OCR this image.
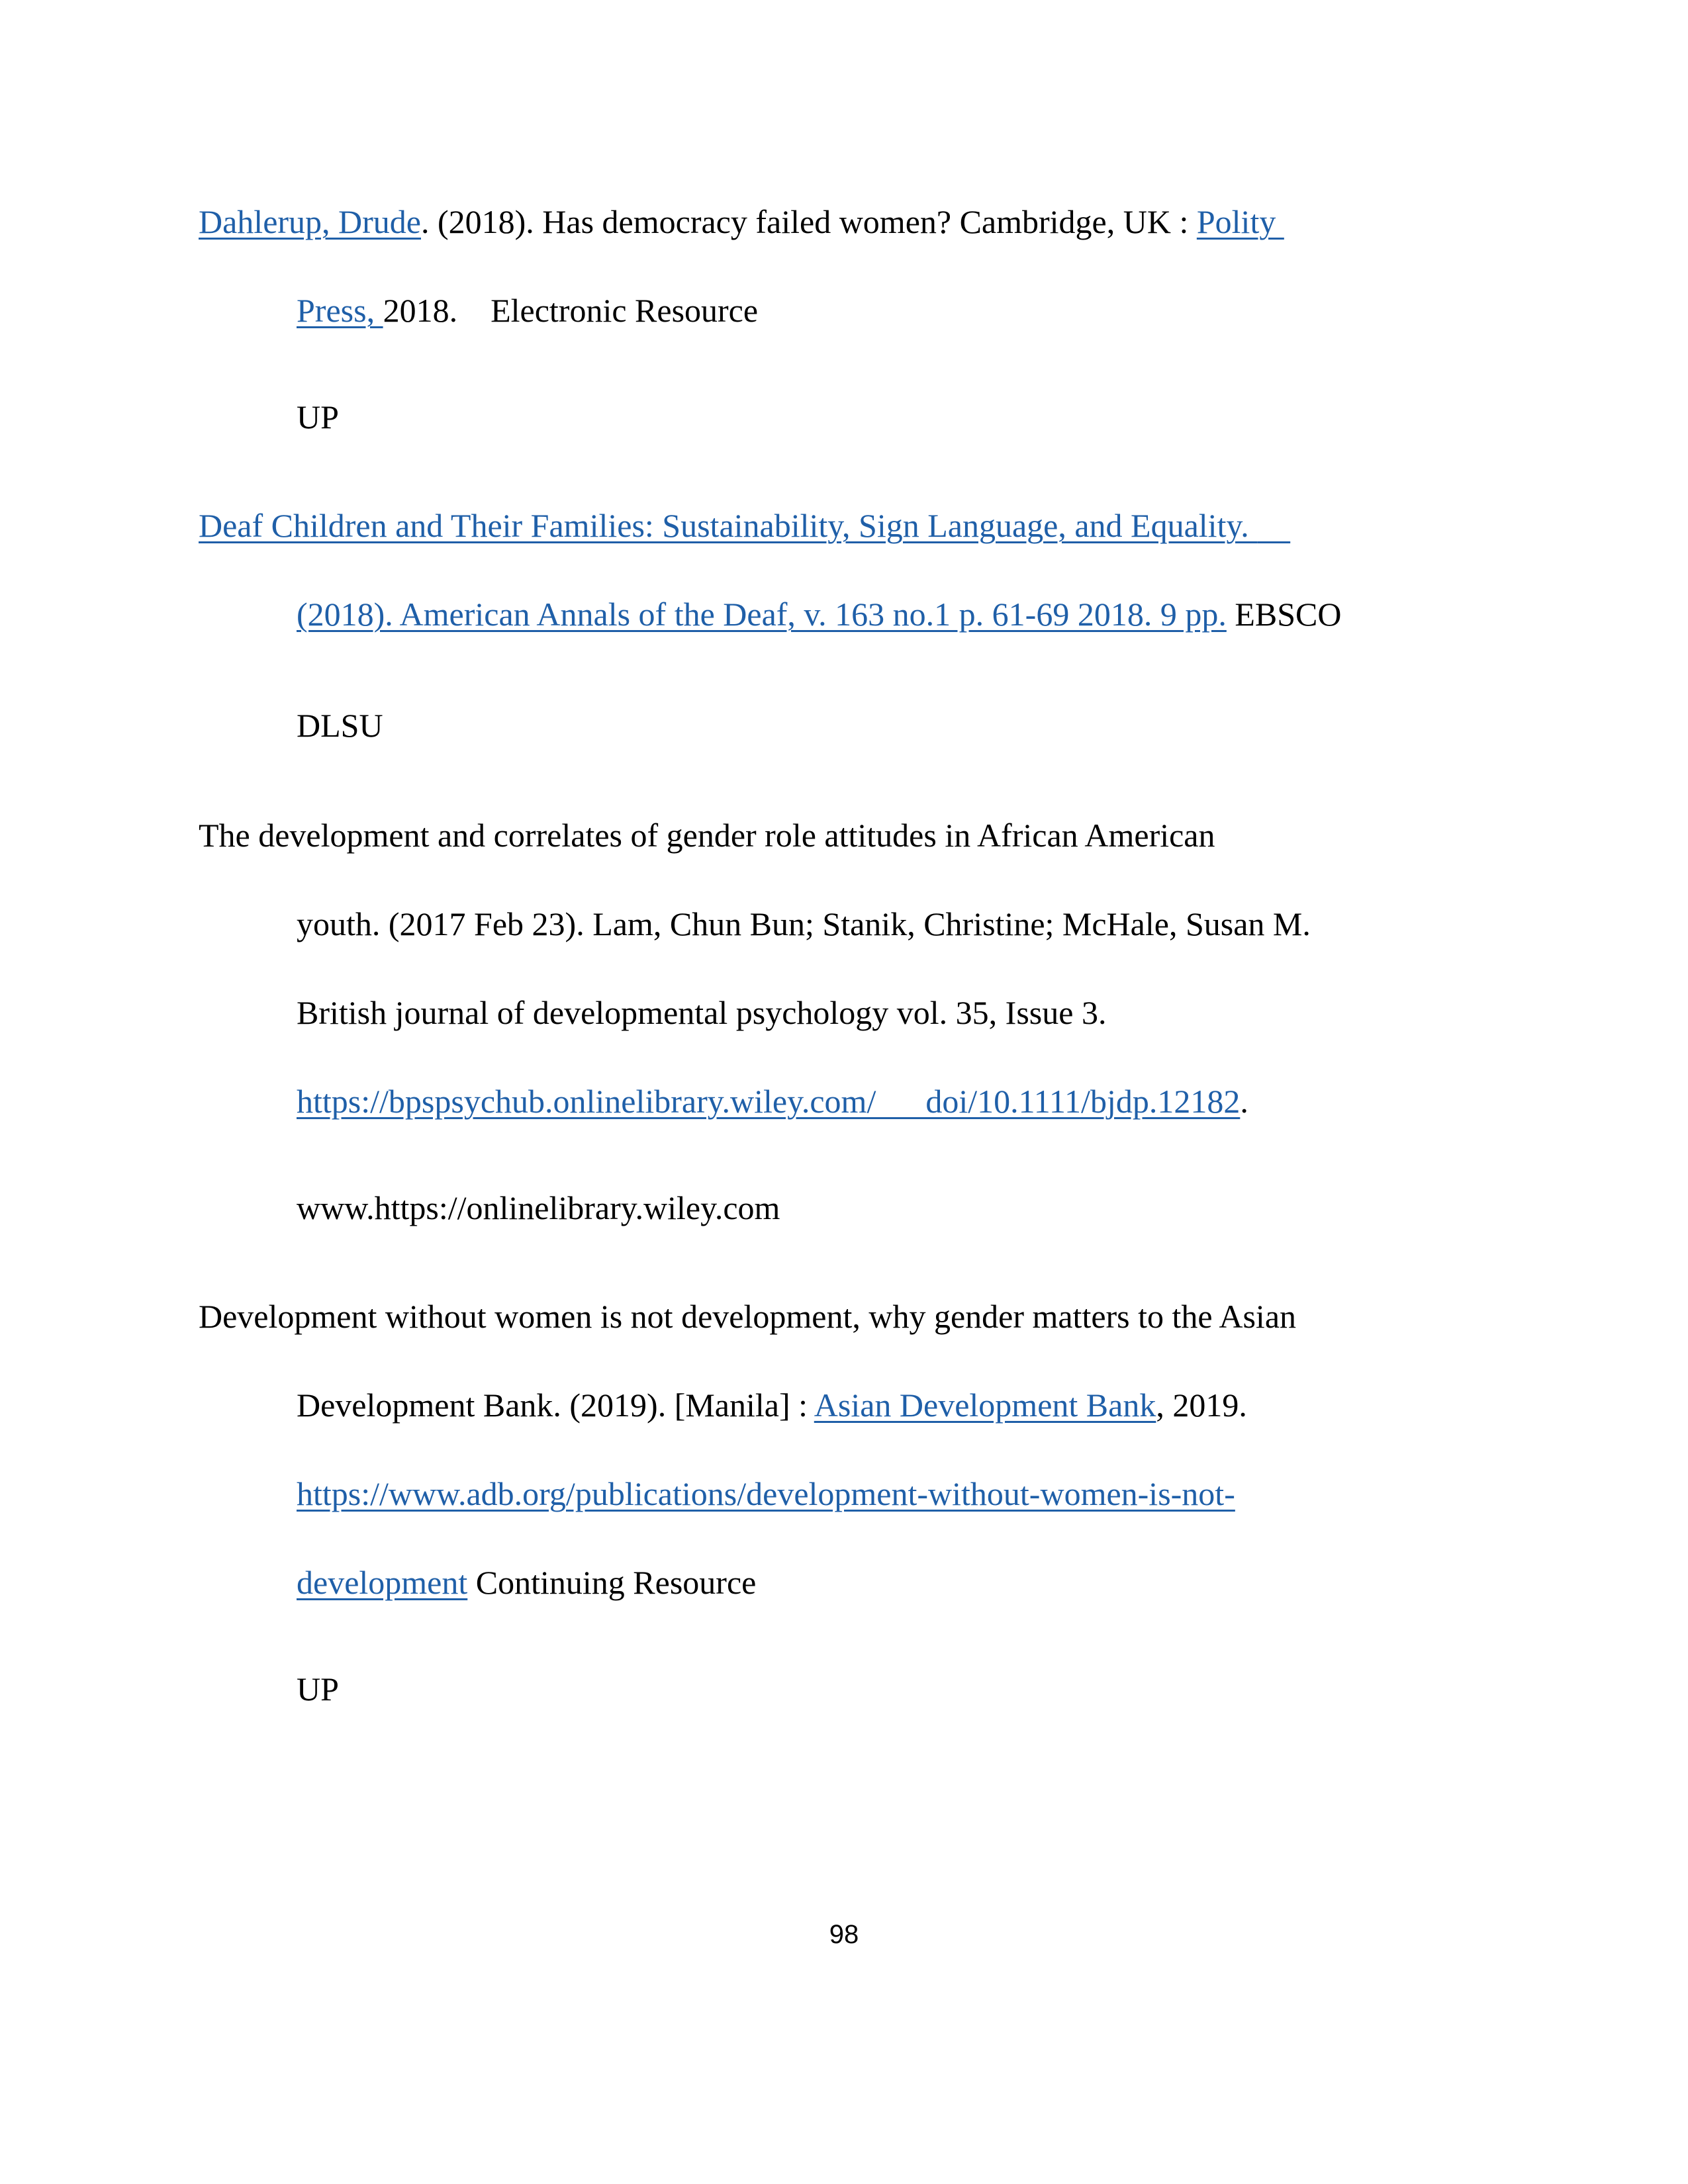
Dahlerup, Drude. (2018). Has democracy failed women? Cambridge, UK : Polity
Press, 2018.    Electronic Resource
UP
Deaf Children and Their Families: Sustainability, Sign Language, and Equality.
(2018). American Annals of the Deaf, v. 163 no.1 p. 61-69 2018. 9 pp. EBSCO
DLSU
The development and correlates of gender role attitudes in African American
youth. (2017 Feb 23). Lam, Chun Bun; Stanik, Christine; McHale, Susan M.
British journal of developmental psychology vol. 35, Issue 3.
https://bpspsychub.onlinelibrary.wiley.com/      doi/10.1111/bjdp.12182.
www.https://onlinelibrary.wiley.com
Development without women is not development, why gender matters to the Asian
Development Bank. (2019). [Manila] : Asian Development Bank, 2019.
https://www.adb.org/publications/development-without-women-is-not-
development Continuing Resource
UP
98
